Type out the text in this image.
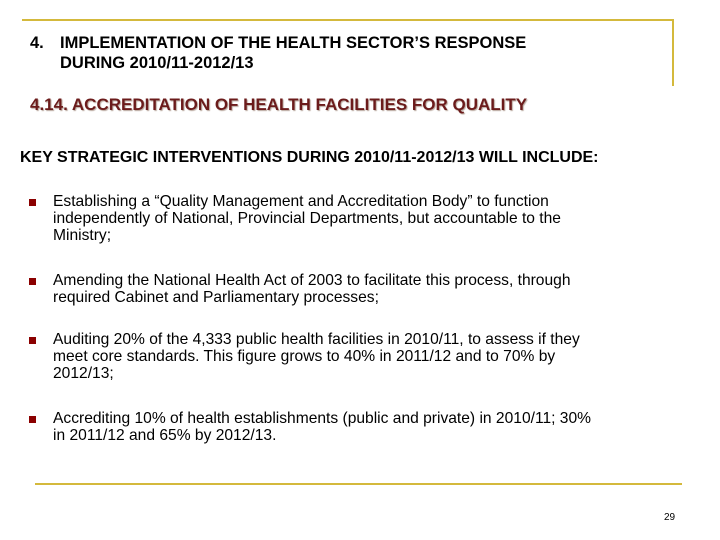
4. IMPLEMENTATION OF THE HEALTH SECTOR’S RESPONSE
DURING 2010/11-2012/13
4.14. ACCREDITATION OF HEALTH FACILITIES FOR QUALITY
KEY STRATEGIC INTERVENTIONS DURING 2010/11-2012/13 WILL INCLUDE:
Establishing a “Quality Management and Accreditation Body” to function
independently of National, Provincial Departments, but accountable to the
Ministry;
Amending the National Health Act of 2003 to facilitate this process, through
required Cabinet and Parliamentary processes;
Auditing 20% of the 4,333 public health facilities in 2010/11, to assess if they
meet core standards. This figure grows to 40% in 2011/12 and to 70% by
2012/13;
Accrediting 10% of health establishments (public and private) in 2010/11; 30%
in 2011/12 and 65% by 2012/13.
29
